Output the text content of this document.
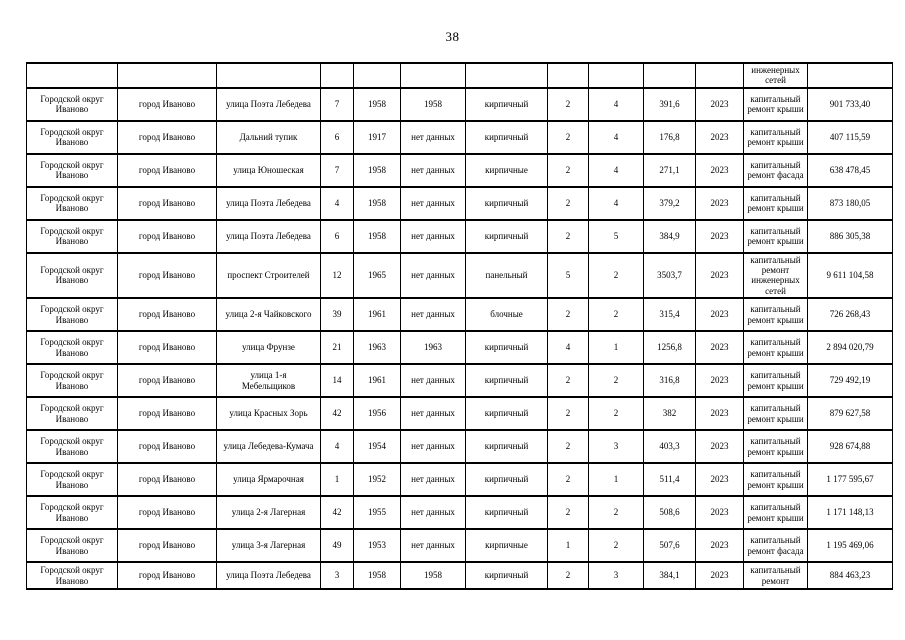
38
											инженерных сетей	
Городской округ Иваново	город Иваново	улица Поэта Лебедева	7	1958	1958	кирпичный	2	4	391,6	2023	капитальный ремонт крыши	901 733,40
Городской округ Иваново	город Иваново	Дальний тупик	6	1917	нет данных	кирпичный	2	4	176,8	2023	капитальный ремонт крыши	407 115,59
Городской округ Иваново	город Иваново	улица Юношеская	7	1958	нет данных	кирпичные	2	4	271,1	2023	капитальный ремонт фасада	638 478,45
Городской округ Иваново	город Иваново	улица Поэта Лебедева	4	1958	нет данных	кирпичный	2	4	379,2	2023	капитальный ремонт крыши	873 180,05
Городской округ Иваново	город Иваново	улица Поэта Лебедева	6	1958	нет данных	кирпичный	2	5	384,9	2023	капитальный ремонт крыши	886 305,38
Городской округ Иваново	город Иваново	проспект Строителей	12	1965	нет данных	панельный	5	2	3503,7	2023	капитальный ремонт инженерных сетей	9 611 104,58
Городской округ Иваново	город Иваново	улица 2-я Чайковского	39	1961	нет данных	блочные	2	2	315,4	2023	капитальный ремонт крыши	726 268,43
Городской округ Иваново	город Иваново	улица Фрунзе	21	1963	1963	кирпичный	4	1	1256,8	2023	капитальный ремонт крыши	2 894 020,79
Городской округ Иваново	город Иваново	улица 1-я Мебельщиков	14	1961	нет данных	кирпичный	2	2	316,8	2023	капитальный ремонт крыши	729 492,19
Городской округ Иваново	город Иваново	улица Красных Зорь	42	1956	нет данных	кирпичный	2	2	382	2023	капитальный ремонт крыши	879 627,58
Городской округ Иваново	город Иваново	улица Лебедева-Кумача	4	1954	нет данных	кирпичный	2	3	403,3	2023	капитальный ремонт крыши	928 674,88
Городской округ Иваново	город Иваново	улица Ярмарочная	1	1952	нет данных	кирпичный	2	1	511,4	2023	капитальный ремонт крыши	1 177 595,67
Городской округ Иваново	город Иваново	улица 2-я Лагерная	42	1955	нет данных	кирпичный	2	2	508,6	2023	капитальный ремонт крыши	1 171 148,13
Городской округ Иваново	город Иваново	улица 3-я Лагерная	49	1953	нет данных	кирпичные	1	2	507,6	2023	капитальный ремонт фасада	1 195 469,06
Городской округ Иваново	город Иваново	улица Поэта Лебедева	3	1958	1958	кирпичный	2	3	384,1	2023	капитальный ремонт	884 463,23
